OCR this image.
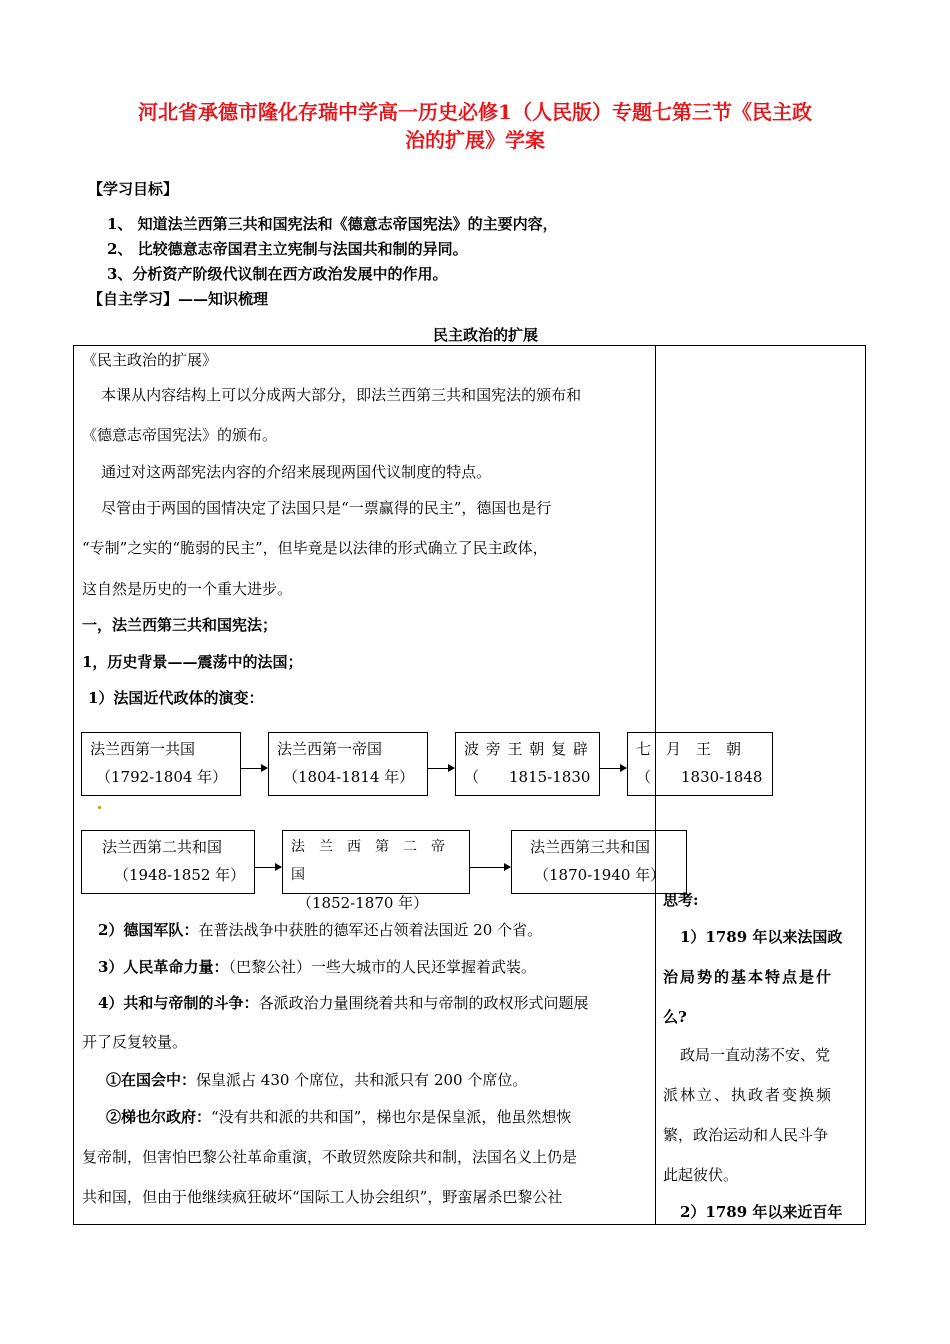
河北省承德市隆化存瑞中学高一历史必修1（人民版）专题七第三节《民主政
治的扩展》学案
【学习目标】
1、 知道法兰西第三共和国宪法和《德意志帝国宪法》的主要内容，
2、 比较德意志帝国君主立宪制与法国共和制的异同。
3、分析资产阶级代议制在西方政治发展中的作用。
【自主学习】——知识梳理
民主政治的扩展
《民主政治的扩展》
本课从内容结构上可以分成两大部分，即法兰西第三共和国宪法的颁布和
《德意志帝国宪法》的颁布。
通过对这两部宪法内容的介绍来展现两国代议制度的特点。
尽管由于两国的国情决定了法国只是“一票赢得的民主”，德国也是行
“专制”之实的“脆弱的民主”，但毕竟是以法律的形式确立了民主政体，
这自然是历史的一个重大进步。
一，法兰西第三共和国宪法；
1，历史背景——震荡中的法国；
1）法国近代政体的演变：
法兰西第一共国
（1792-1804 年）
法兰西第一帝国
（1804-1814 年）
波 旁 王 朝 复 辟
（　　1815-1830
七　月　王　朝
（　　1830-1848
法兰西第二共和国
（1948-1852 年）
法　兰　西　第　二　帝　国
（1852-1870 年）
法兰西第三共和国
（1870-1940 年）
2）德国军队：在普法战争中获胜的德军还占领着法国近 20 个省。
3）人民革命力量：（巴黎公社）一些大城市的人民还掌握着武装。
4）共和与帝制的斗争：各派政治力量围绕着共和与帝制的政权形式问题展
开了反复较量。
①在国会中：保皇派占 430 个席位，共和派只有 200 个席位。
②梯也尔政府：“没有共和派的共和国”，梯也尔是保皇派，他虽然想恢
复帝制，但害怕巴黎公社革命重演，不敢贸然废除共和制，法国名义上仍是
共和国，但由于他继续疯狂破坏“国际工人协会组织”，野蛮屠杀巴黎公社
思考:
1）1789 年以来法国政
治局势的基本特点是什
么?
政局一直动荡不安、党
派林立、执政者变换频
繁，政治运动和人民斗争
此起彼伏。
2）1789 年以来近百年
